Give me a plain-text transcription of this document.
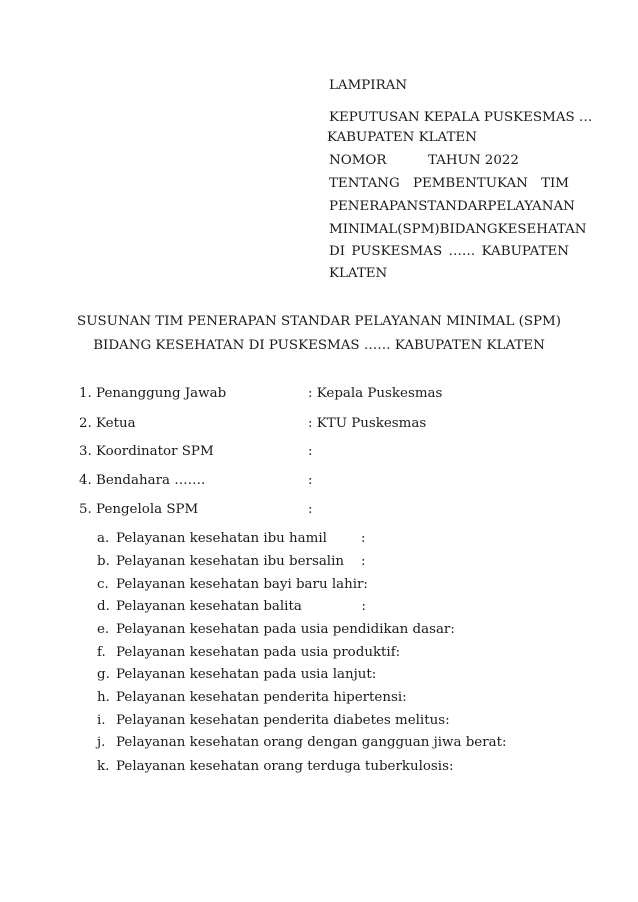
LAMPIRAN
KEPUTUSAN KEPALA PUSKESMAS …
KABUPATEN KLATEN
NOMOR	TAHUN 2022
TENTANG PEMBENTUKAN TIM
PENERAPAN STANDAR PELAYANAN
MINIMAL (SPM) BIDANG KESEHATAN
DI PUSKESMAS …… KABUPATEN
KLATEN
SUSUNAN TIM PENERAPAN STANDAR PELAYANAN MINIMAL (SPM)
BIDANG KESEHATAN DI PUSKESMAS …… KABUPATEN KLATEN
1. Penanggung Jawab	: Kepala Puskesmas
2. Ketua	: KTU Puskesmas
3. Koordinator SPM	:
4. Bendahara …….	:
5. Pengelola SPM	:
a. Pelayanan kesehatan ibu hamil        :
b. Pelayanan kesehatan ibu bersalin    :
c. Pelayanan kesehatan bayi baru lahir:
d. Pelayanan kesehatan balita              :
e. Pelayanan kesehatan pada usia pendidikan dasar:
f. Pelayanan kesehatan pada usia produktif:
g. Pelayanan kesehatan pada usia lanjut:
h. Pelayanan kesehatan penderita hipertensi:
i. Pelayanan kesehatan penderita diabetes melitus:
j. Pelayanan kesehatan orang dengan gangguan jiwa berat:
k. Pelayanan kesehatan orang terduga tuberkulosis:
